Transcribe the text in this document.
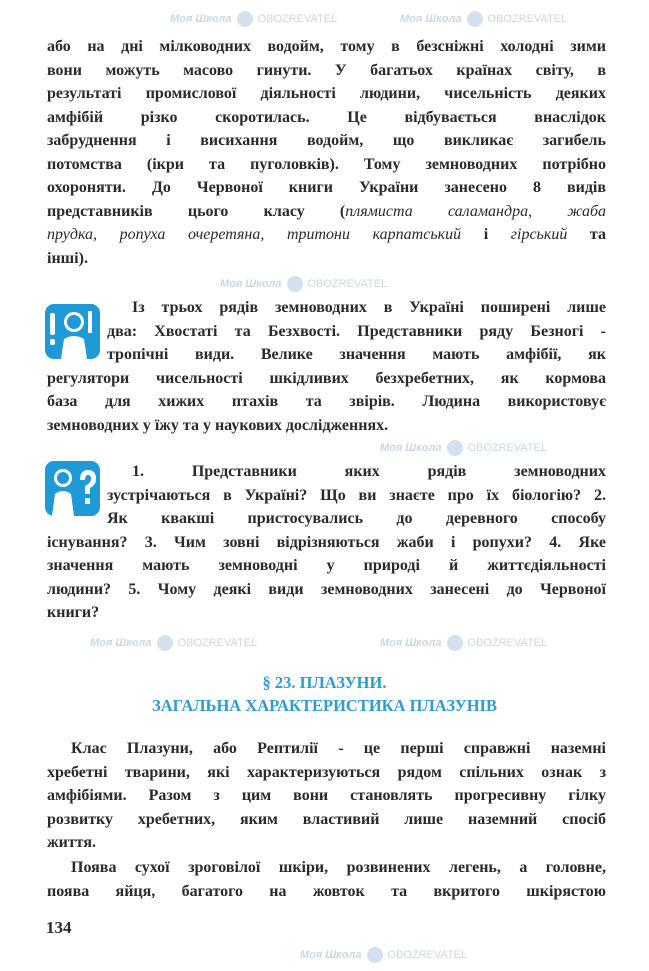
Моя Школа OBOZREVATEL	Моя Школа OBOZREVATEL
Моя Школа OBOZREVATEL
Моя Школа OBOZREVATEL
Моя Школа OBOZREVATEL	Моя Школа OBOZREVATEL
Моя Школа OBOZREVATEL
або на дні мілководних водойм, тому в безсніжні холодні зими
вони можуть масово гинути. У багатьох країнах світу, в
результаті промислової діяльності людини, чисельність деяких
амфібій різко скоротилась. Це відбувається внаслідок
забруднення і висихання водойм, що викликає загибель
потомства (ікри та пуголовків). Тому земноводних потрібно
охороняти. До Червоної книги України занесено 8 видів
представників цього класу (плямиста саламандра, жаба
прудка, ропуха очеретяна, тритони карпатський і гірський та
інші).
Із трьох рядів земноводних в Україні поширені лише
два: Хвостаті та Безхвості. Представники ряду Безногі -
тропічні види. Велике значення мають амфібії, як
регулятори чисельності шкідливих безхребетних, як кормова
база для хижих птахів та звірів. Людина використовує
земноводних у їжу та у наукових дослідженнях.
1. Представники яких рядів земноводних
зустрічаються в Україні? Що ви знаєте про їх біологію? 2.
Як квакші пристосувались до деревного способу
існування? 3. Чим зовні відрізняються жаби і ропухи? 4. Яке
значення мають земноводні у природі й життєдіяльності
людини? 5. Чому деякі види земноводних занесені до Червоної
книги?
§ 23. ПЛАЗУНИ.
ЗАГАЛЬНА ХАРАКТЕРИСТИКА ПЛАЗУНІВ
Клас Плазуни, або Рептилії - це перші справжні наземні
хребетні тварини, які характеризуються рядом спільних ознак з
амфібіями. Разом з цим вони становлять прогресивну гілку
розвитку хребетних, яким властивий лише наземний спосіб
життя.
Поява сухої зроговілої шкіри, розвинених легень, а головне,
поява яйця, багатого на жовток та вкритого шкірястою
134
